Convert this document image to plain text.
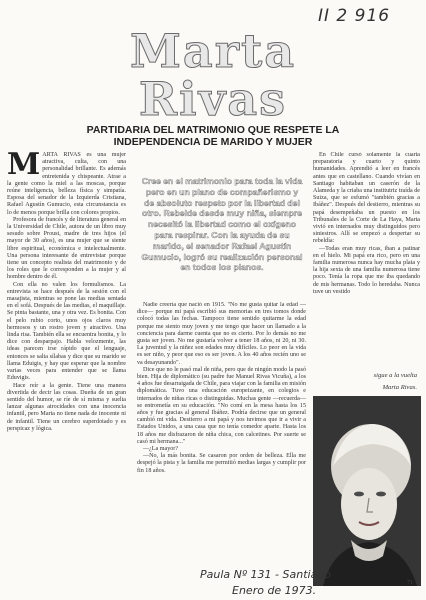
II 2 916
Marta
Rivas
PARTIDARIA DEL MATRIMONIO QUE RESPETE LA INDEPENDENCIA DE MARIDO Y MUJER

MARTA RIVAS es una mujer atractiva, culta, con una personalidad brillante. Es además entretenida y chispeante. Atrae a la gente como la miel a las moscas, porque reúne inteligencia, belleza física y simpatía. Esposa del senador de la Izquierda Cristiana, Rafael Agustín Gumucio, esta circunstancia es lo de menos porque brilla con colores propios.

Profesora de francés y de literatura general en la Universidad de Chile, autora de un libro muy sesudo sobre Proust, madre de tres hijos (el mayor de 30 años), es una mujer que se siente libre espiritual, económica e intelectualmente. Una persona interesante de entrevistar porque tiene un concepto realista del matrimonio y de los roles que le corresponden a la mujer y al hombre dentro de él.

Con ella no valen los formulismos. La entrevista se hace después de la sesión con el masajista, mientras se pone las medias sentada en el sofá. Después de las medias, el maquillaje. Se pinta bastante, una y otra vez. Es bonita. Con el pelo rubio corto, unos ojos claros muy hermosos y un rostro joven y atractivo. Una linda risa. También ella se encuentra bonita, y lo dice con desparpajo. Habla velozmente, las ideas parecen irse rápido que el lenguaje, entonces se salta sílabas y dice que su marido se llama Eduigis, y hay que esperar que la nombre varias veces para entender que se llama Eduvigis.

Hace reír a la gente. Tiene una manera divertida de decir las cosas. Dueña de un gran sentido del humor, se ríe de sí misma y suelta lanzar algunas atrocidades con una inocencia infantil, pero Marta no tiene nada de inocente ni de infantil. Tiene un cerebro superdotado y es perspicaz y lógica.

Cree en el matrimonio para toda la vida pero en un plano de compañerismo y de absoluto respeto por la libertad del otro. Rebelde desde muy niña, siempre necesitó la libertad como el oxígeno para respirar. Con la ayuda de su marido, el senador Rafael Agustín Gumucio, logró su realización personal en todos los planos.

Nadie creería que nació en 1915. "No me gusta quitar la edad —dice— porque mi papá escribió sus memorias en tres tomos donde colocó todas las fechas. Tampoco tiene sentido quitarme la edad porque me siento muy joven y me tengo que hacer un llamado a la conciencia para darme cuenta que no es cierto. Por lo demás no me gusta ser joven. No me gustaría volver a tener 18 años, ni 20, ni 30. La juventud y la niñez son edades muy difíciles. Lo peor en la vida es ser niño, y peor que eso es ser joven. A los 40 años recién uno se va desayunando".

Dice que no le pasó mal de niña, pero que de ningún modo la pasó bien. Hija de diplomático (su padre fue Manuel Rivas Vicuña), a los 4 años fue desarraigada de Chile, para viajar con la familia en misión diplomática. Tuvo una educación europeizante, en colegios e internados de niñas ricas o distinguidas. Muchas gente —recuerda— se entrometía en su educación. "No comí en la mesa hasta los 15 años y fue gracias al general Ibáñez. Podría decirse que un general cambió mi vida. Destierro a mi papá y nos tuvimos que ir a vivir a Estados Unidos, a una casa que no tenía comedor aparte. Hasta los 18 años me disfrazaron de niña chica, con calcetines. Por suerte se casó mi hermana..."

—¿La mayor?

—No, la más bonita. Se casaron por orden de belleza. Ella me despejó la pista y la familia me permitió medias largas y cumplir por fin 18 años.

En Chile cursó solamente la cuarta preparatoria y cuarto y quinto humanidades. Aprendió a leer en francés antes que en castellano. Cuando vivían en Santiago habitaban un caserón de la Alameda y la criaba una institutriz traída de Suiza, que se esfumó "también gracias a Ibáñez". Después del destierro, mientras su papá desempeñaba un puesto en los Tribunales de la Corte de La Haya, Marta vivió en internados muy distinguidos pero siniestros. Allí se empezó a despertar su rebeldía:

—Todas eran muy ricas, iban a patinar en el hielo. Mi papá era rico, pero en una familia numerosa nunca hay mucha plata y la hija sexta de una familia numerosa tiene poco. Tenía la ropa que me iba quedando de mis hermanas. Todo lo heredaba. Nunca tuve un vestido

sigue a la vuelta
Marta Rivas.
71
Paula Nº 131 - Santiago
Enero de 1973.
